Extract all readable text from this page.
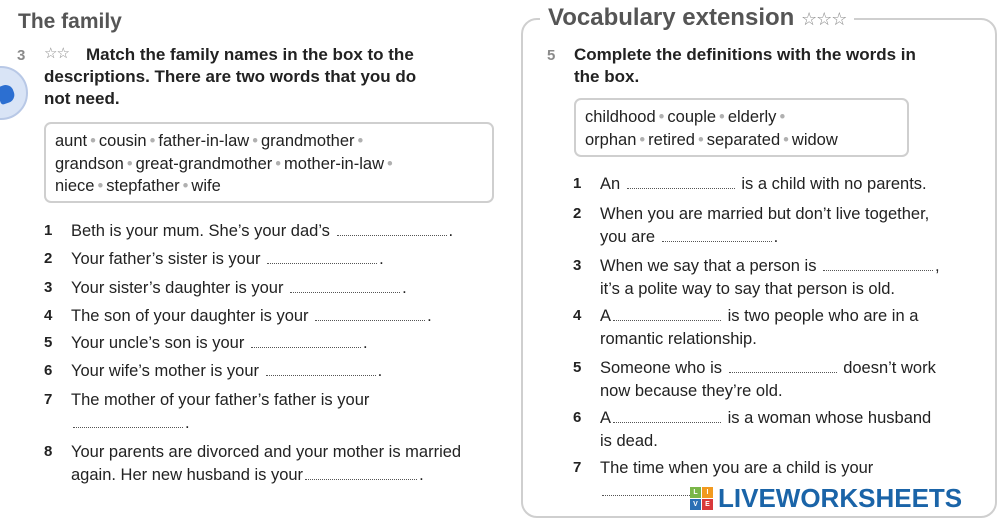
The family
3 ☆☆ Match the family names in the box to the
descriptions. There are two words that you do
not need.
aunt • cousin • father-in-law • grandmother •
grandson • great-grandmother • mother-in-law •
niece • stepfather • wife
1 Beth is your mum. She’s your dad’s	.
2 Your father’s sister is your	.
3 Your sister’s daughter is your	.
4 The son of your daughter is your	.
5 Your uncle’s son is your	.
6 Your wife’s mother is your	.
7 The mother of your father’s father is your
.
8 Your parents are divorced and your mother is married
again. Her new husband is your	.
Vocabulary extension ☆☆☆
5 Complete the definitions with the words in
the box.
childhood • couple • elderly •
orphan • retired • separated • widow
1 An	is a child with no parents.
2 When you are married but don’t live together,
you are	.
3 When we say that a person is	,
it’s a polite way to say that person is old.
4 A	is two people who are in a
romantic relationship.
5 Someone who is	doesn’t work
now because they’re old.
6 A	is a woman whose husband
is dead.
7 The time when you are a child is your
L	I
V	E LIVEWORKSHEETS
